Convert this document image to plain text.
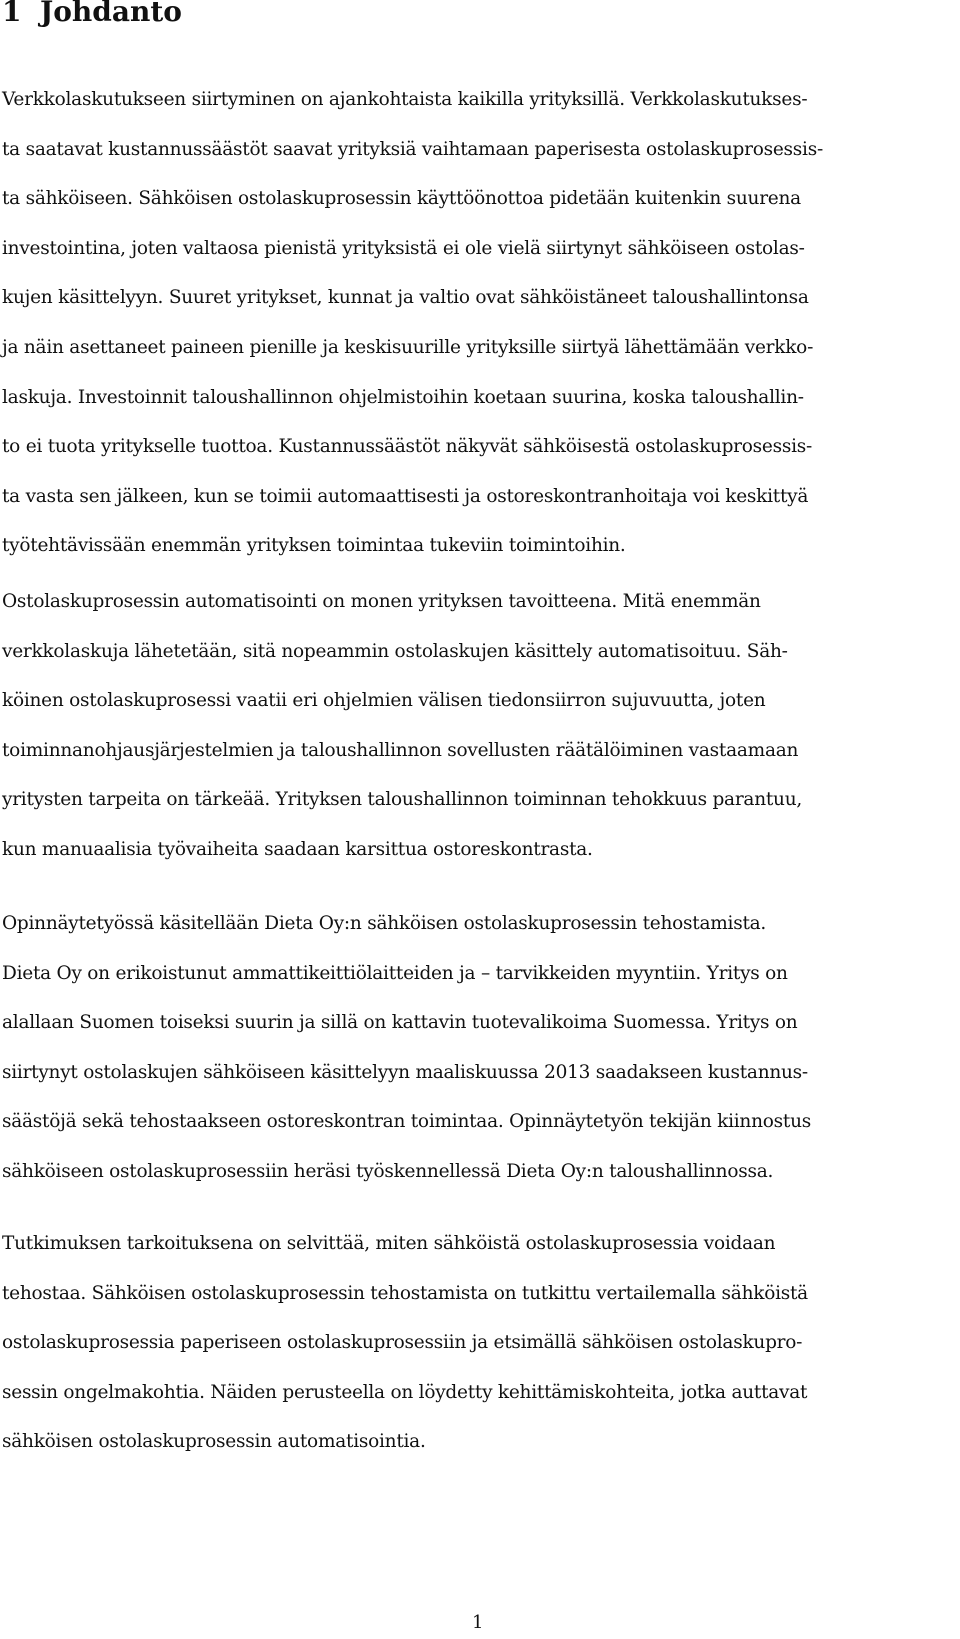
1 Johdanto
Verkkolaskutukseen siirtyminen on ajankohtaista kaikilla yrityksillä. Verkkolaskutukses-
ta saatavat kustannussäästöt saavat yrityksiä vaihtamaan paperisesta ostolaskuprosessis-
ta sähköiseen. Sähköisen ostolaskuprosessin käyttöönottoa pidetään kuitenkin suurena
investointina, joten valtaosa pienistä yrityksistä ei ole vielä siirtynyt sähköiseen ostolas-
kujen käsittelyyn. Suuret yritykset, kunnat ja valtio ovat sähköistäneet taloushallintonsa
ja näin asettaneet paineen pienille ja keskisuurille yrityksille siirtyä lähettämään verkko-
laskuja. Investoinnit taloushallinnon ohjelmistoihin koetaan suurina, koska taloushallin-
to ei tuota yritykselle tuottoa. Kustannussäästöt näkyvät sähköisestä ostolaskuprosessis-
ta vasta sen jälkeen, kun se toimii automaattisesti ja ostoreskontranhoitaja voi keskittyä
työtehtävissään enemmän yrityksen toimintaa tukeviin toimintoihin.
Ostolaskuprosessin automatisointi on monen yrityksen tavoitteena. Mitä enemmän
verkkolaskuja lähetetään, sitä nopeammin ostolaskujen käsittely automatisoituu. Säh-
köinen ostolaskuprosessi vaatii eri ohjelmien välisen tiedonsiirron sujuvuutta, joten
toiminnanohjausjärjestelmien ja taloushallinnon sovellusten räätälöiminen vastaamaan
yritysten tarpeita on tärkeää. Yrityksen taloushallinnon toiminnan tehokkuus parantuu,
kun manuaalisia työvaiheita saadaan karsittua ostoreskontrasta.
Opinnäytetyössä käsitellään Dieta Oy:n sähköisen ostolaskuprosessin tehostamista.
Dieta Oy on erikoistunut ammattikeittiölaitteiden ja – tarvikkeiden myyntiin. Yritys on
alallaan Suomen toiseksi suurin ja sillä on kattavin tuotevalikoima Suomessa. Yritys on
siirtynyt ostolaskujen sähköiseen käsittelyyn maaliskuussa 2013 saadakseen kustannus-
säästöjä sekä tehostaakseen ostoreskontran toimintaa. Opinnäytetyön tekijän kiinnostus
sähköiseen ostolaskuprosessiin heräsi työskennellessä Dieta Oy:n taloushallinnossa.
Tutkimuksen tarkoituksena on selvittää, miten sähköistä ostolaskuprosessia voidaan
tehostaa. Sähköisen ostolaskuprosessin tehostamista on tutkittu vertailemalla sähköistä
ostolaskuprosessia paperiseen ostolaskuprosessiin ja etsimällä sähköisen ostolaskupro-
sessin ongelmakohtia. Näiden perusteella on löydetty kehittämiskohteita, jotka auttavat
sähköisen ostolaskuprosessin automatisointia.
1
